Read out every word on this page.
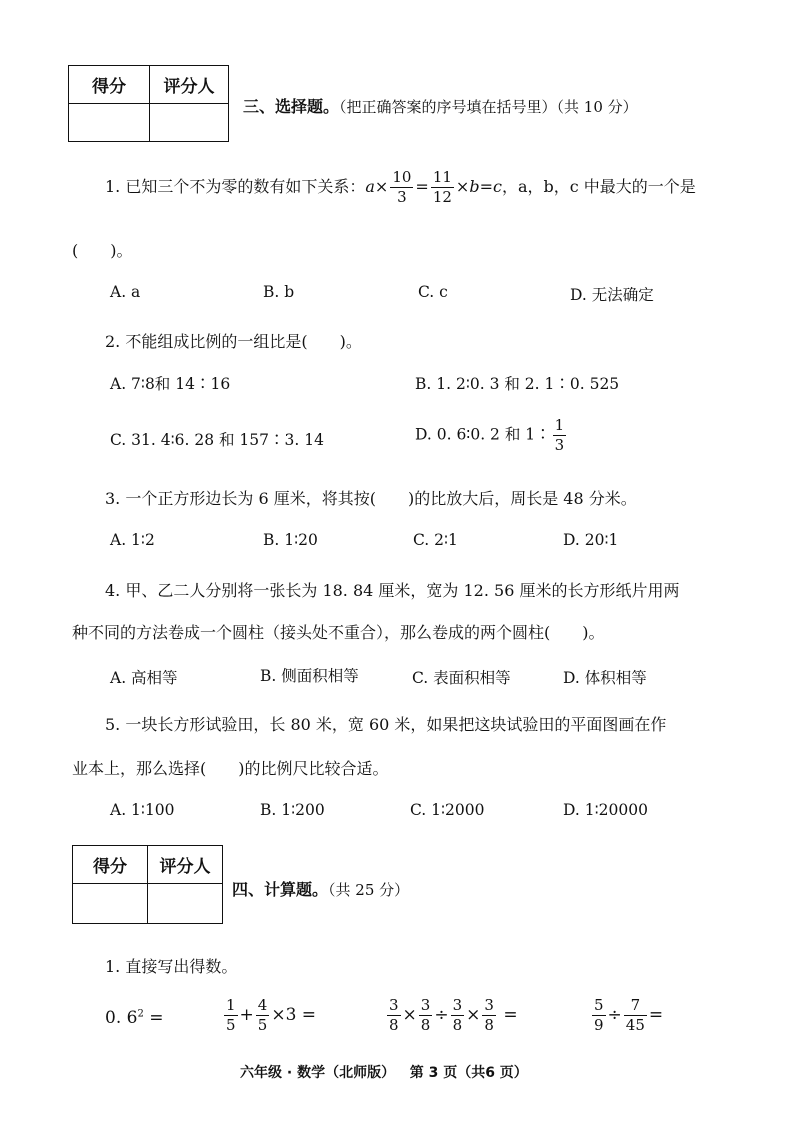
得分	评分人

三、选择题。（把正确答案的序号填在括号里）（共 10 分）
1. 已知三个不为零的数有如下关系：$a\times \frac{10}{3} = \frac{11}{12} \times b=c$，a，b，c 中最大的一个是
(　　)。
A. a	B. b	C. c	D. 无法确定
2. 不能组成比例的一组比是(　　)。
A. 7∶8和 14∶16	B. 1. 2∶0. 3 和 2. 1∶0. 525
C. 31. 4∶6. 28 和 157∶3. 14	D. 0. 6∶0. 2 和 1∶ $\frac{1}{3}$
3. 一个正方形边长为 6 厘米，将其按(　　)的比放大后，周长是 48 分米。
A. 1∶2	B. 1∶20	C. 2∶1	D. 20∶1
4. 甲、乙二人分别将一张长为 18. 84 厘米，宽为 12. 56 厘米的长方形纸片用两
种不同的方法卷成一个圆柱（接头处不重合），那么卷成的两个圆柱(　　)。
A. 高相等	B. 侧面积相等	C. 表面积相等	D. 体积相等
5. 一块长方形试验田，长 80 米，宽 60 米，如果把这块试验田的平面图画在作
业本上，那么选择(　　)的比例尺比较合适。
A. 1∶100	B. 1∶200	C. 1∶2000	D. 1∶20000
得分	评分人

四、计算题。（共 25 分）
1. 直接写出得数。
0. $6^2$ =	$\frac{1}{5} + \frac{4}{5} \times 3$ =	$\frac{3}{8} \times \frac{3}{8} \div \frac{3}{8} \times \frac{3}{8}$ =	$\frac{5}{9} \div \frac{7}{45}$ =
六年级 · 数学（北师版） 第 3 页（共6 页）
